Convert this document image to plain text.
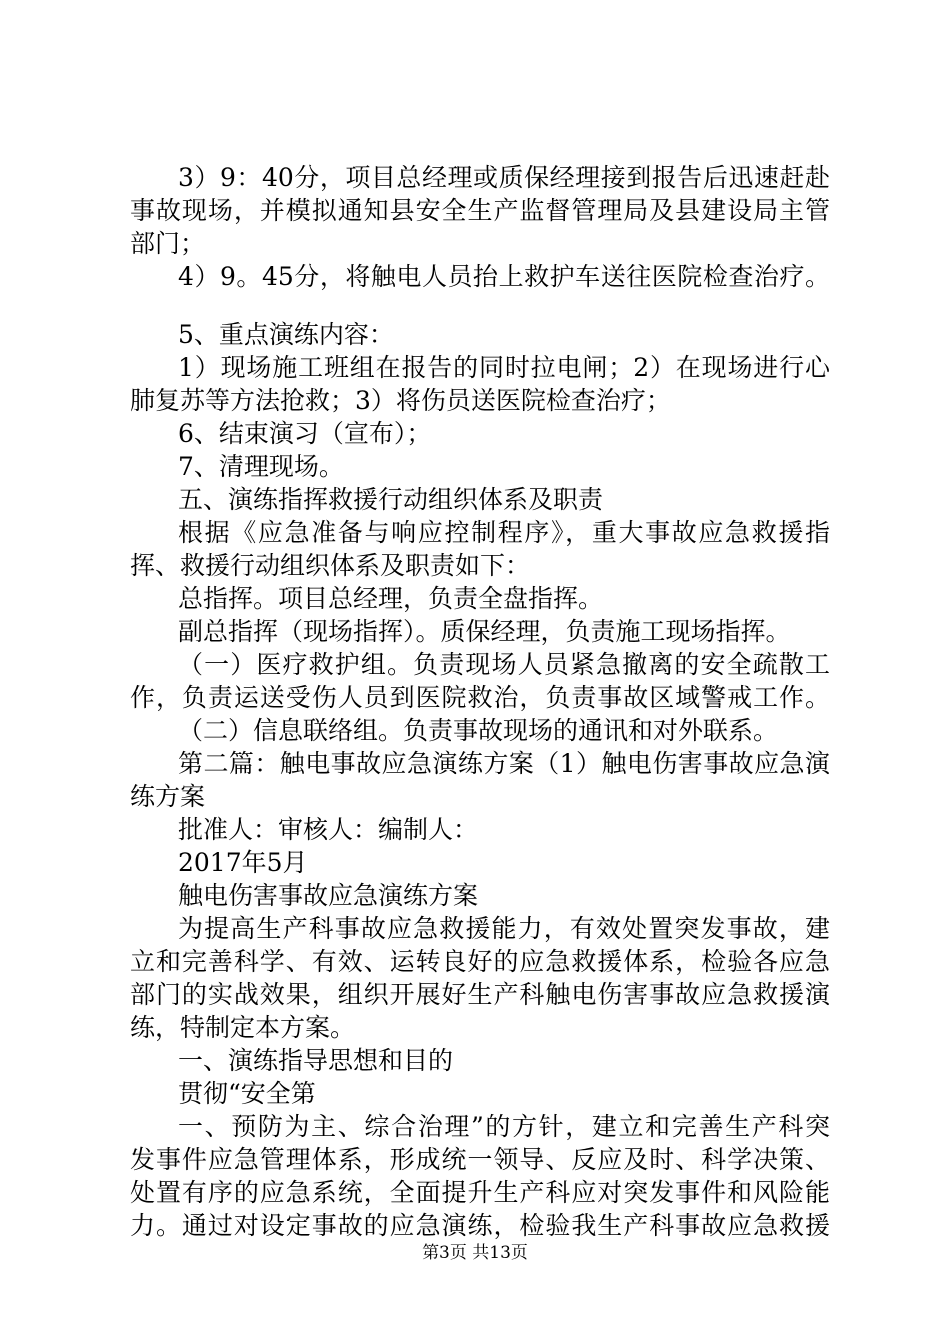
3）9：40分，项目总经理或质保经理接到报告后迅速赶赴
事故现场，并模拟通知县安全生产监督管理局及县建设局主管
部门；
4）9。45分，将触电人员抬上救护车送往医院检查治疗。
5、重点演练内容：
1）现场施工班组在报告的同时拉电闸；2）在现场进行心
肺复苏等方法抢救；3）将伤员送医院检查治疗；
6、结束演习（宣布）；
7、清理现场。
五、演练指挥救援行动组织体系及职责
根据《应急准备与响应控制程序》，重大事故应急救援指
挥、救援行动组织体系及职责如下：
总指挥。项目总经理，负责全盘指挥。
副总指挥（现场指挥）。质保经理，负责施工现场指挥。
（一）医疗救护组。负责现场人员紧急撤离的安全疏散工
作，负责运送受伤人员到医院救治，负责事故区域警戒工作。
（二）信息联络组。负责事故现场的通讯和对外联系。
第二篇：触电事故应急演练方案（1）触电伤害事故应急演
练方案
批准人：审核人：编制人：
2017年5月
触电伤害事故应急演练方案
为提高生产科事故应急救援能力，有效处置突发事故，建
立和完善科学、有效、运转良好的应急救援体系，检验各应急
部门的实战效果，组织开展好生产科触电伤害事故应急救援演
练，特制定本方案。
一、演练指导思想和目的
贯彻“安全第
一、预防为主、综合治理”的方针，建立和完善生产科突
发事件应急管理体系，形成统一领导、反应及时、科学决策、
处置有序的应急系统，全面提升生产科应对突发事件和风险能
力。通过对设定事故的应急演练，检验我生产科事故应急救援
第3页 共13页
